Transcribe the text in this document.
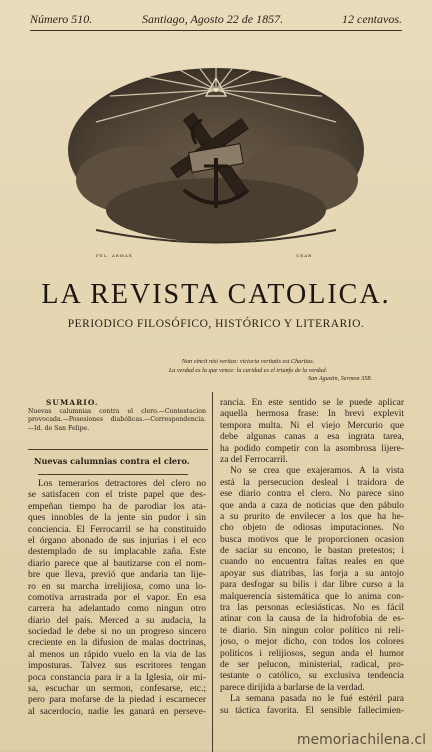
Número 510.	Santiago, Agosto 22 de 1857.	12 centavos.
FEL. ARMAR	GRAB
LA REVISTA CATOLICA.
PERIODICO FILOSÓFICO, HISTÓRICO Y LITERARIO.
Non vincit nisi veritas: victoria veritatis est Charitas.
La verdad es la que vence: la caridad es el triunfo de la verdad.
San Agustin, Sermon 358.
SUMARIO.
Nuevas calumnias contra el clero.—Contestacion provocada.—Posesiones diabólicas.—Correspondencia.—Id. de San Felipe.
Nuevas calumnias contra el clero.
Los temerarios detractores del clero no
se satisfacen con el triste papel que des-
empeñan tiempo ha de parodiar los ata-
ques innobles de la jente sin pudor i sin
conciencia. El Ferrocarril se ha constituido
el órgano abonado de sus injurias i el eco
destemplado de su implacable zaña. Este
diario parece que al bautizarse con el nom-
bre que lleva, previó que andaria tan lije-
ro en su marcha irrelijiosa, como una lo-
comotiva arrastrada por el vapor. En esa
carrera ha adelantado como ningun otro
diario del país. Merced a su audacia, la
sociedad le debe si no un progreso sincero
creciente en la difusion de malas doctrinas,
al menos un rápido vuelo en la via de las
imposturas. Talvez sus escritores tengan
poca constancia para ir a la Iglesia, oir mi-
sa, escuchar un sermon, confesarse, etc.;
pero para mofarse de la piedad i escarnecer
al sacerdocio, nadie les ganará en perseve-
rancia. En este sentido se le puede aplicar
aquella hermosa frase: In brevi explevit
tempora multa. Ni el viejo Mercurio que
debe algunas canas a esa ingrata tarea,
ha podido competir con la asombrosa lijere-
za del Ferrocarril.
No se crea que exajeramos. A la vista
está la persecucion desleal i traidora de
ese diario contra el clero. No parece sino
que anda a caza de noticias que den pábulo
a su prurito de envilecer a los que ha he-
cho objeto de odiosas imputaciones. No
busca motivos que le proporcionen ocasion
de saciar su encono, le bastan pretestos; i
cuando no encuentra faltas reales en que
apoyar sus diatribas, las forja a su antojo
para desfogar su bilis i dar libre curso a la
malquerencia sistemática que lo anima con-
tra las personas eclesiásticas. No es fácil
atinar con la causa de la hidrofobia de es-
te diario. Sin ningun color político ni reli-
joso, o mejor dicho, con todos los colores
políticos i relijiosos, segun anda el humor
de ser pelucon, ministerial, radical, pro-
testante o católico, su exclusiva tendencia
parece dirijida a barlarse de la verdad.
La semana pasada no le fué estéril para
su táctica favorita. El sensible fallecimien-
memoriachilena.cl
